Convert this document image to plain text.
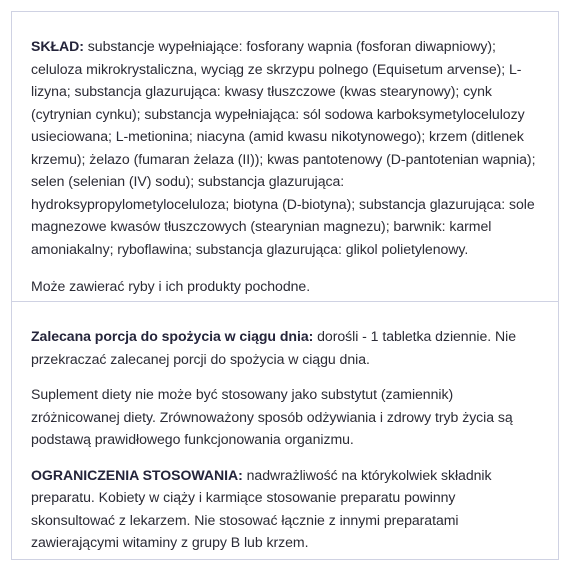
SKŁAD: substancje wypełniające: fosforany wapnia (fosforan diwapniowy); celuloza mikrokrystaliczna, wyciąg ze skrzypu polnego (Equisetum arvense); L-lizyna; substancja glazurująca: kwasy tłuszczowe (kwas stearynowy); cynk (cytrynian cynku); substancja wypełniająca: sól sodowa karboksymetylocelulozy usieciowana; L-metionina; niacyna (amid kwasu nikotynowego); krzem (ditlenek krzemu); żelazo (fumaran żelaza (II)); kwas pantotenowy (D-pantotenian wapnia); selen (selenian (IV) sodu); substancja glazurująca: hydroksypropylometyloceluloza; biotyna (D-biotyna); substancja glazurująca: sole magnezowe kwasów tłuszczowych (stearynian magnezu); barwnik: karmel amoniakalny; ryboflawina; substancja glazurująca: glikol polietylenowy.

Może zawierać ryby i ich produkty pochodne.

Zalecana porcja do spożycia w ciągu dnia: dorośli - 1 tabletka dziennie. Nie przekraczać zalecanej porcji do spożycia w ciągu dnia.

Suplement diety nie może być stosowany jako substytut (zamiennik) zróżnicowanej diety. Zrównoważony sposób odżywiania i zdrowy tryb życia są podstawą prawidłowego funkcjonowania organizmu.

OGRANICZENIA STOSOWANIA: nadwrażliwość na którykolwiek składnik preparatu. Kobiety w ciąży i karmiące stosowanie preparatu powinny skonsultować z lekarzem. Nie stosować łącznie z innymi preparatami zawierającymi witaminy z grupy B lub krzem.
